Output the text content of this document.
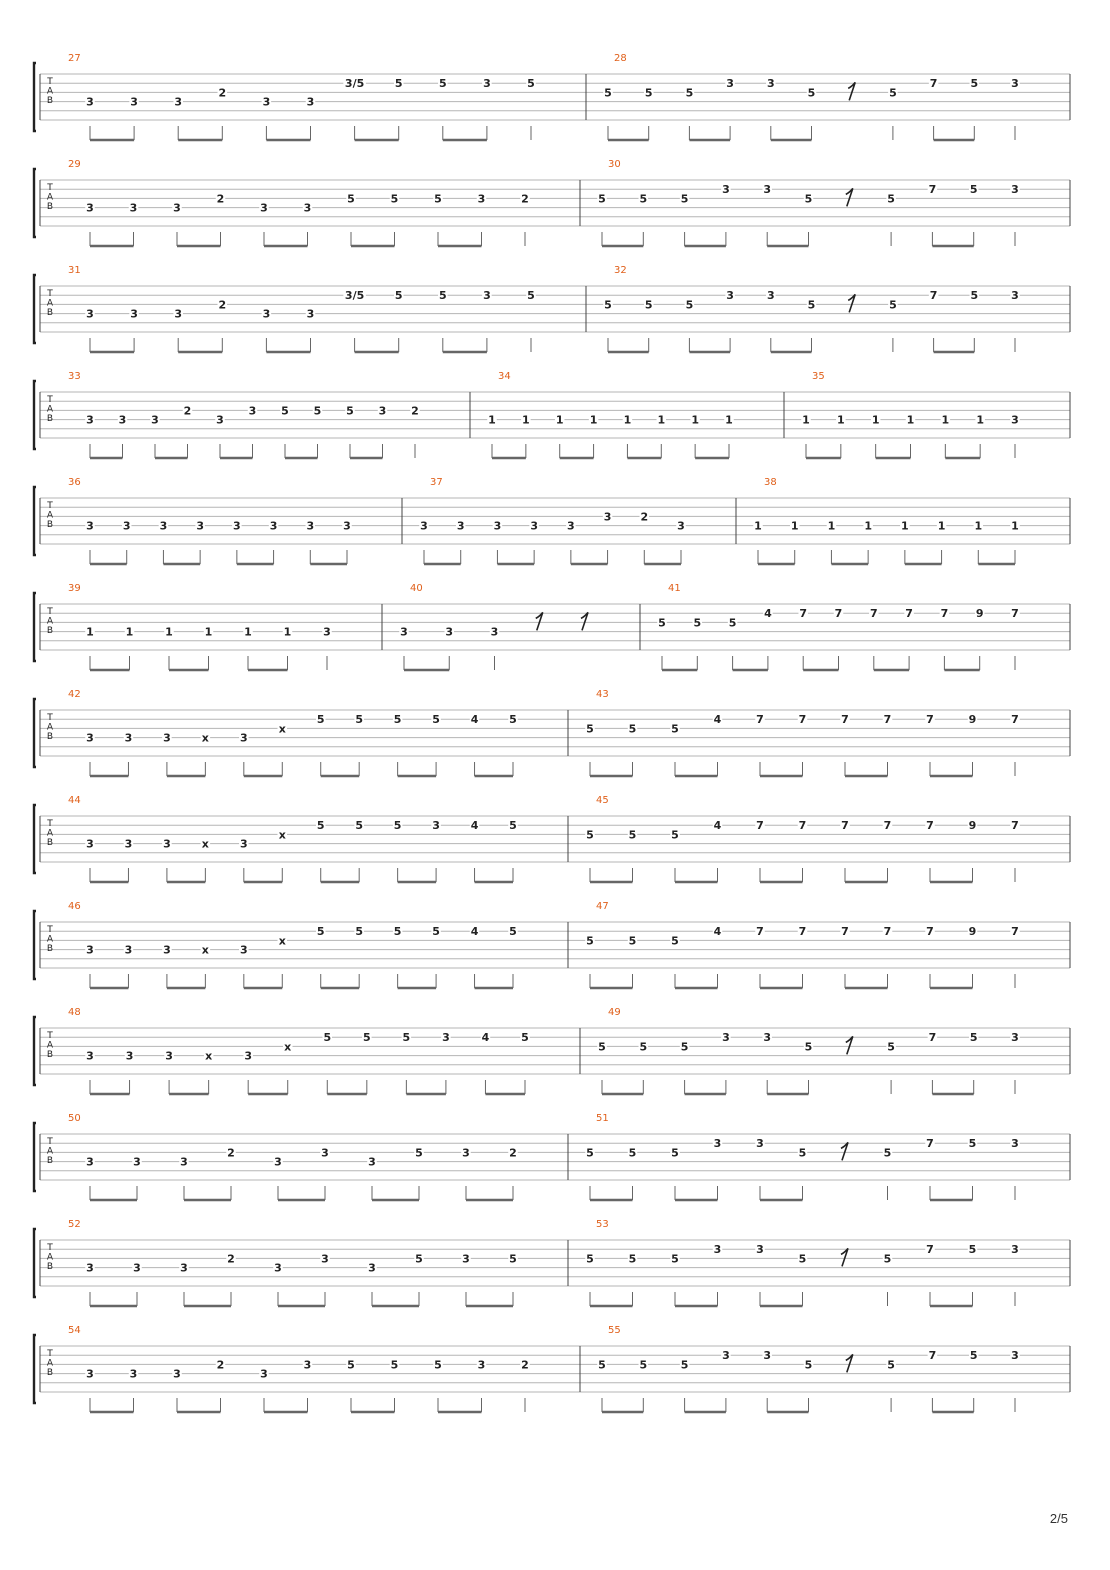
T
A
B
27
3	3	3
2
3	3
3/5	5	5	3	5
28
5	5	5
3	3
5	5
7	5	3
T
A
B
29
3	3	3
2
3	3
5	5	5	3	2
30
5	5	5
3	3
5	5
7	5	3
T
A
B
31
3	3	3
2
3	3
3/5	5	5	3	5
32
5	5	5
3	3
5	5
7	5	3
T
A
B
33
3 3 3
2
3
3 5 5 5 3 2
34
1 1 1 1 1 1 1 1
35
1 1 1 1 1 1 3
T
A
B
36
3	3	3	3	3	3	3	3
37
3	3	3	3	3
3	2
3
38
1	1	1	1	1	1	1	1
T
A
B
39
1	1	1	1	1	1	3
40
3	3	3
41
5	5	5
4	7	7	7	7	7	9	7
T
A
B
42
3	3	3	x	3
x
5	5	5	5	4	5
43
5	5	5
4	7	7	7	7	7	9	7
T
A
B
44
3	3	3	x	3
x
5	5	5	3	4	5
45
5	5	5
4	7	7	7	7	7	9	7
T
A
B
46
3	3	3	x	3
x
5	5	5	5	4	5
47
5	5	5
4	7	7	7	7	7	9	7
T
A
B
48
3	3	3	x	3
x
5	5	5	3	4	5
49
5	5	5
3	3
5	5
7	5	3
T
A
B
50
3	3	3
2
3
3
3
5	3	2
51
5	5	5
3	3
5	5
7	5	3
T
A
B
52
3	3	3
2
3
3
3
5	3	5
53
5	5	5
3	3
5	5
7	5	3
T
A
B
54
3	3	3
2
3
3	5	5	5	3	2
55
5	5	5
3	3
5	5
7	5	3
2/5
